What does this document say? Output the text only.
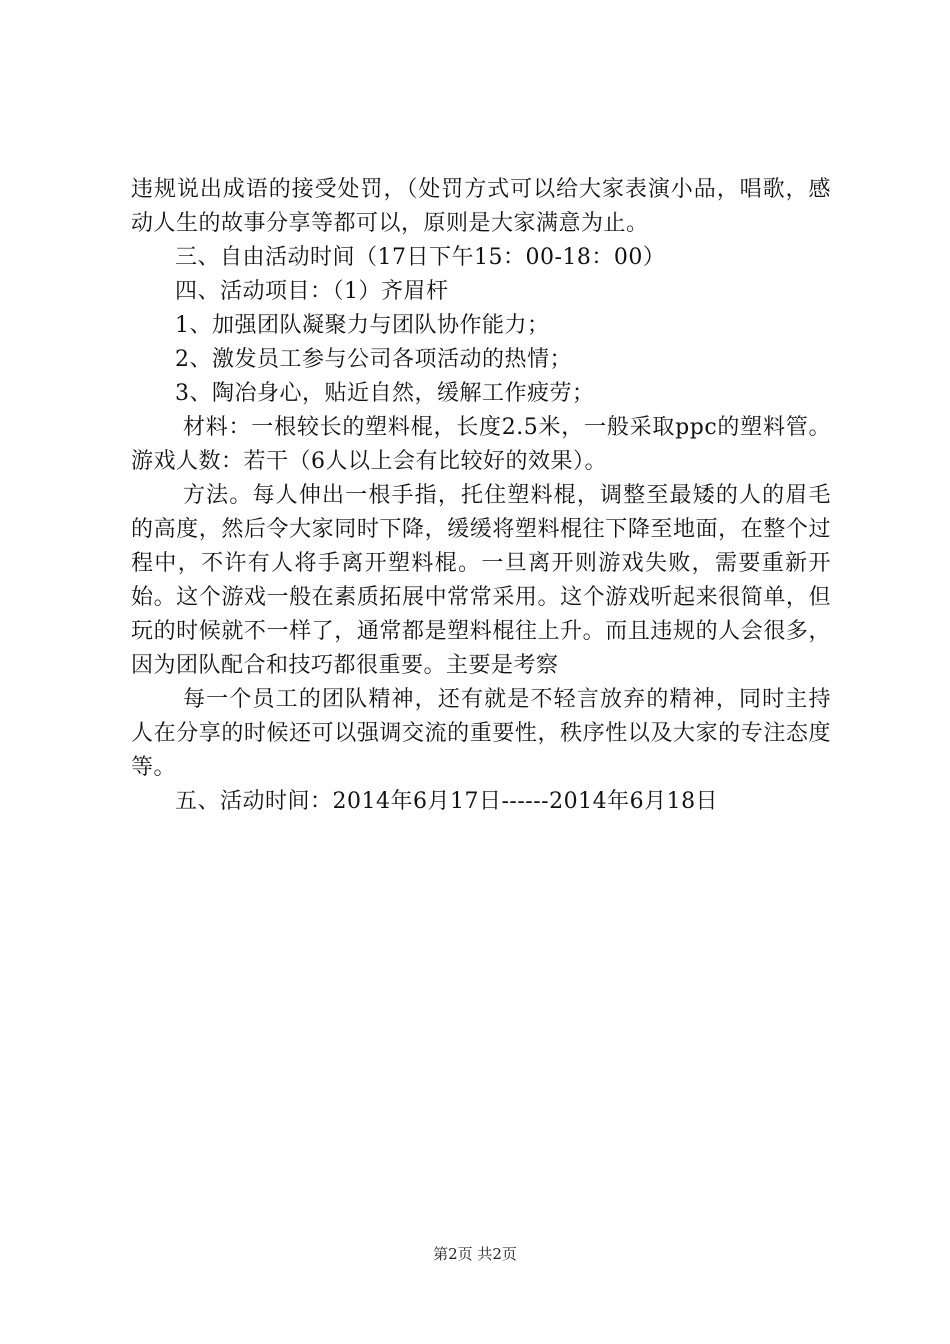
违规说出成语的接受处罚，（处罚方式可以给大家表演小品，唱歌，感动人生的故事分享等都可以，原则是大家满意为止。

三、自由活动时间（17日下午15：00-18：00）

四、活动项目：（1）齐眉杆

1、加强团队凝聚力与团队协作能力；

2、激发员工参与公司各项活动的热情；

3、陶冶身心，贴近自然，缓解工作疲劳；

材料：一根较长的塑料棍，长度2.5米，一般采取ppc的塑料管。游戏人数：若干（6人以上会有比较好的效果）。

方法。每人伸出一根手指，托住塑料棍，调整至最矮的人的眉毛的高度，然后令大家同时下降，缓缓将塑料棍往下降至地面，在整个过程中，不许有人将手离开塑料棍。一旦离开则游戏失败，需要重新开始。这个游戏一般在素质拓展中常常采用。这个游戏听起来很简单，但玩的时候就不一样了，通常都是塑料棍往上升。而且违规的人会很多，因为团队配合和技巧都很重要。主要是考察

每一个员工的团队精神，还有就是不轻言放弃的精神，同时主持人在分享的时候还可以强调交流的重要性，秩序性以及大家的专注态度等。

五、活动时间：2014年6月17日------2014年6月18日

第2页 共2页
